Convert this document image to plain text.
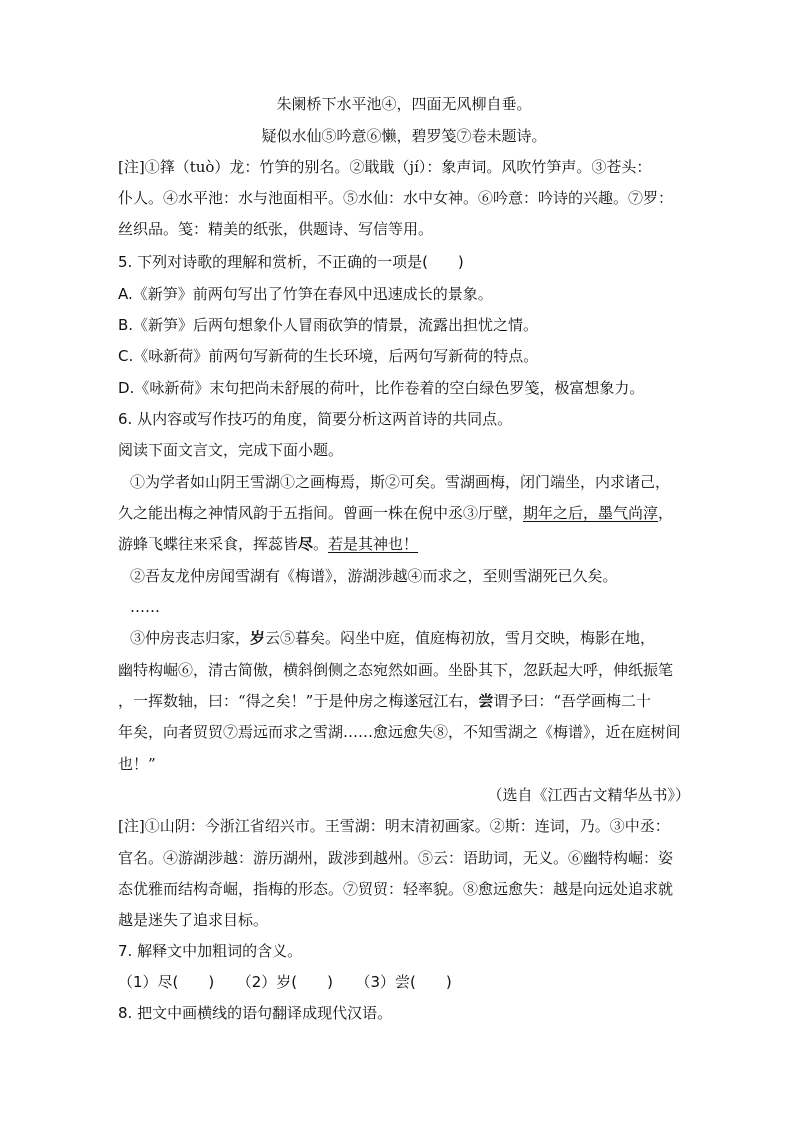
朱阑桥下水平池④，四面无风柳自垂。
疑似水仙⑤吟意⑥懒，碧罗笺⑦卷未题诗。
[注]①箨（tuò）龙：竹笋的别名。②戢戢（jí）：象声词。风吹竹笋声。③苍头：
仆人。④水平池：水与池面相平。⑤水仙：水中女神。⑥吟意：吟诗的兴趣。⑦罗：
丝织品。笺：精美的纸张，供题诗、写信等用。
5. 下列对诗歌的理解和赏析，不正确的一项是(　　)
A.《新笋》前两句写出了竹笋在春风中迅速成长的景象。
B.《新笋》后两句想象仆人冒雨砍笋的情景，流露出担忧之情。
C.《咏新荷》前两句写新荷的生长环境，后两句写新荷的特点。
D.《咏新荷》末句把尚未舒展的荷叶，比作卷着的空白绿色罗笺，极富想象力。
6. 从内容或写作技巧的角度，简要分析这两首诗的共同点。
阅读下面文言文，完成下面小题。
①为学者如山阴王雪湖①之画梅焉，斯②可矣。雪湖画梅，闭门端坐，内求诸己，
久之能出梅之神情风韵于五指间。曾画一株在倪中丞③厅壁，期年之后，墨气尚淳，
游蜂飞蝶往来采食，挥蕊皆尽。若是其神也！
②吾友龙仲房闻雪湖有《梅谱》，游湖涉越④而求之，至则雪湖死已久矣。
……
③仲房丧志归家，岁云⑤暮矣。闷坐中庭，值庭梅初放，雪月交映，梅影在地，
幽特构崛⑥，清古简傲，横斜倒侧之态宛然如画。坐卧其下，忽跃起大呼，伸纸振笔
，一挥数轴，曰：“得之矣！”于是仲房之梅遂冠江右，尝谓予曰：“吾学画梅二十
年矣，向者贸贸⑦焉远而求之雪湖……愈远愈失⑧，不知雪湖之《梅谱》，近在庭树间
也！”
（选自《江西古文精华丛书》）
[注]①山阴：今浙江省绍兴市。王雪湖：明末清初画家。②斯：连词，乃。③中丞：
官名。④游湖涉越：游历湖州，跋涉到越州。⑤云：语助词，无义。⑥幽特构崛：姿
态优雅而结构奇崛，指梅的形态。⑦贸贸：轻率貌。⑧愈远愈失：越是向远处追求就
越是迷失了追求目标。
7. 解释文中加粗词的含义。
（1）尽(　　)　　（2）岁(　　)　　（3）尝(　　)
8. 把文中画横线的语句翻译成现代汉语。
